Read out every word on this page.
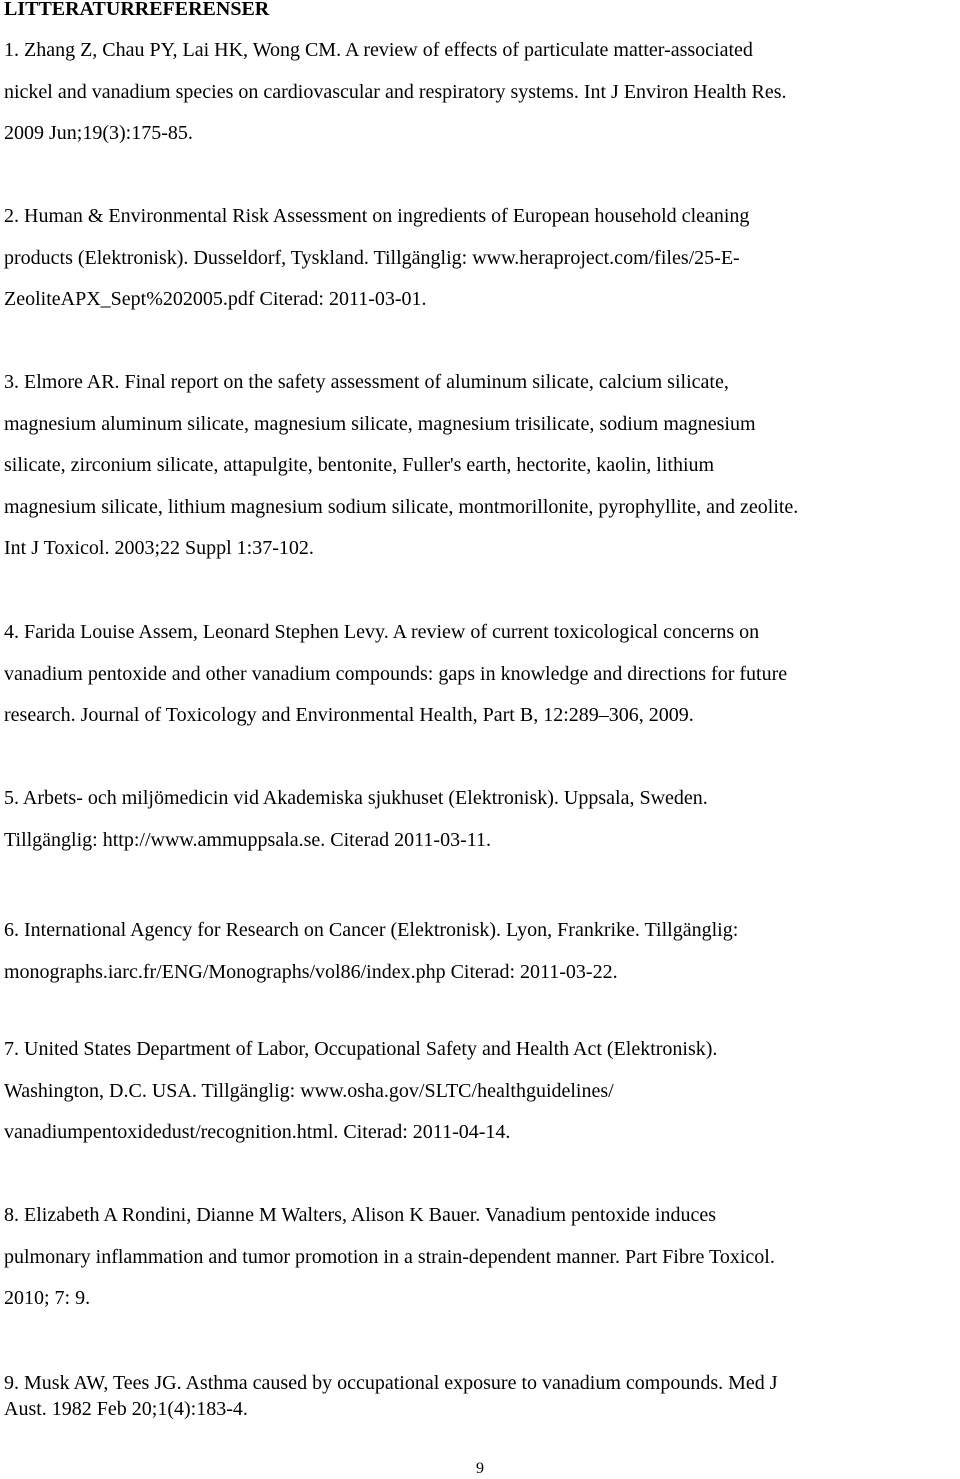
LITTERATURREFERENSER

1. Zhang Z, Chau PY, Lai HK, Wong CM. A review of effects of particulate matter-associated
nickel and vanadium species on cardiovascular and respiratory systems. Int J Environ Health Res.
2009 Jun;19(3):175-85.

2. Human & Environmental Risk Assessment on ingredients of European household cleaning
products (Elektronisk). Dusseldorf, Tyskland. Tillgänglig: www.heraproject.com/files/25-E-
ZeoliteAPX_Sept%202005.pdf Citerad: 2011-03-01.

3. Elmore AR. Final report on the safety assessment of aluminum silicate, calcium silicate,
magnesium aluminum silicate, magnesium silicate, magnesium trisilicate, sodium magnesium
silicate, zirconium silicate, attapulgite, bentonite, Fuller's earth, hectorite, kaolin, lithium
magnesium silicate, lithium magnesium sodium silicate, montmorillonite, pyrophyllite, and zeolite.
Int J Toxicol. 2003;22 Suppl 1:37-102.

4. Farida Louise Assem, Leonard Stephen Levy. A review of current toxicological concerns on
vanadium pentoxide and other vanadium compounds: gaps in knowledge and directions for future
research. Journal of Toxicology and Environmental Health, Part B, 12:289–306, 2009.

5. Arbets- och miljömedicin vid Akademiska sjukhuset (Elektronisk). Uppsala, Sweden.
Tillgänglig: http://www.ammuppsala.se. Citerad 2011-03-11.

6. International Agency for Research on Cancer (Elektronisk). Lyon, Frankrike. Tillgänglig:
monographs.iarc.fr/ENG/Monographs/vol86/index.php Citerad: 2011-03-22.

7. United States Department of Labor, Occupational Safety and Health Act (Elektronisk).
Washington, D.C. USA. Tillgänglig: www.osha.gov/SLTC/healthguidelines/
vanadiumpentoxidedust/recognition.html. Citerad: 2011-04-14.

8. Elizabeth A Rondini, Dianne M Walters, Alison K Bauer. Vanadium pentoxide induces
pulmonary inflammation and tumor promotion in a strain-dependent manner. Part Fibre Toxicol.
2010; 7: 9.

9. Musk AW, Tees JG. Asthma caused by occupational exposure to vanadium compounds. Med J
Aust. 1982 Feb 20;1(4):183-4.

9
